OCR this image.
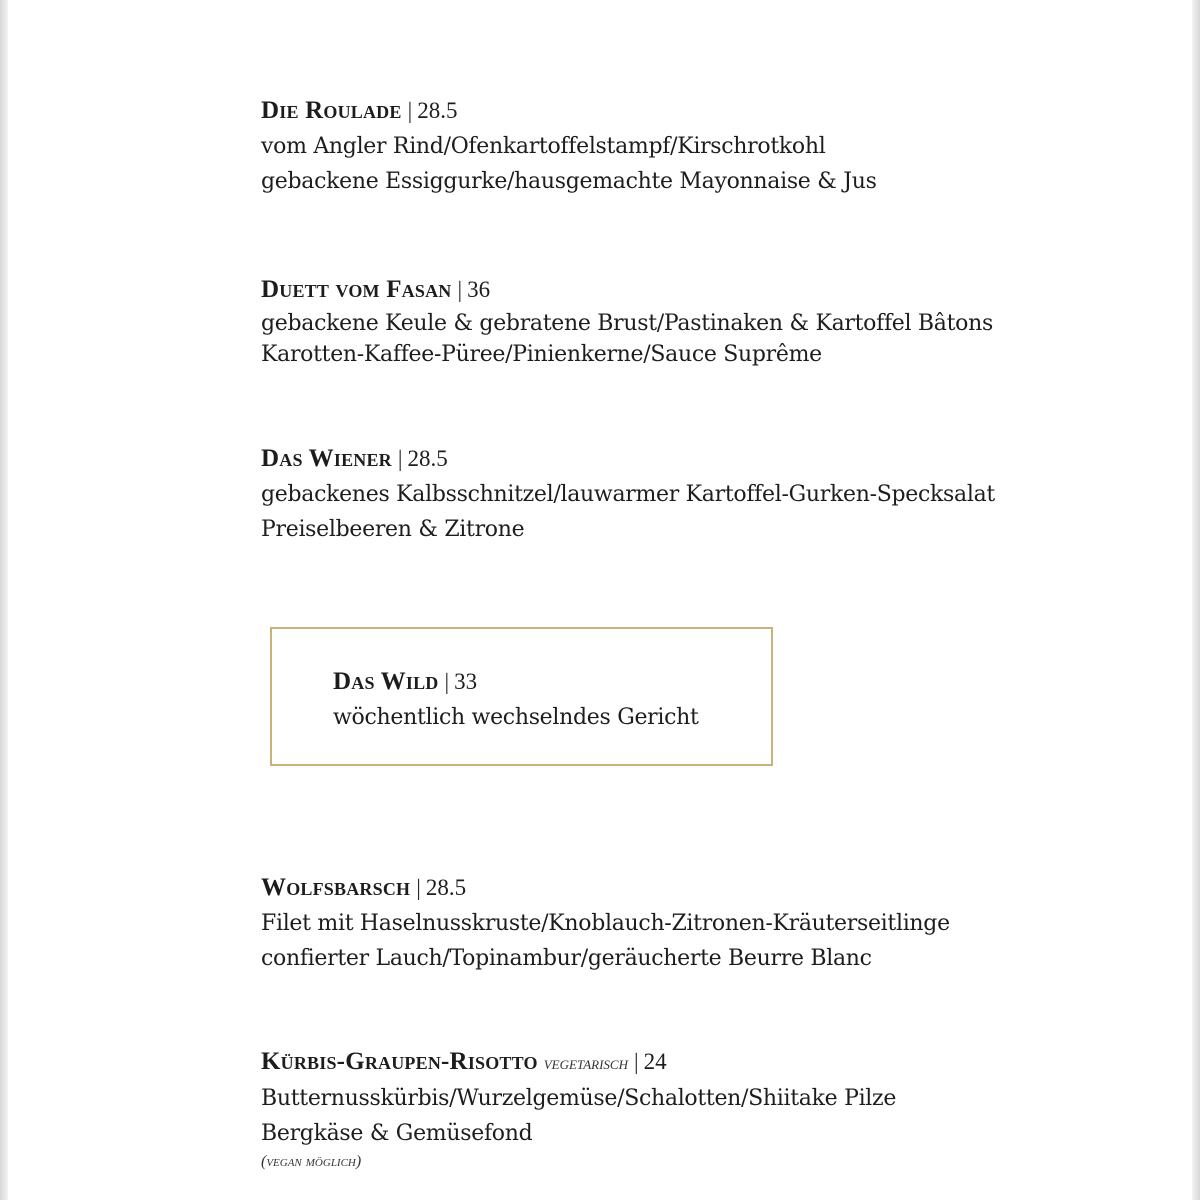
Die Roulade | 28.5
vom Angler Rind/Ofenkartoffelstampf/Kirschrotkohl
gebackene Essiggurke/hausgemachte Mayonnaise & Jus
Duett vom Fasan | 36
gebackene Keule & gebratene Brust/Pastinaken & Kartoffel Bâtons
Karotten-Kaffee-Püree/Pinienkerne/Sauce Suprême
Das Wiener | 28.5
gebackenes Kalbsschnitzel/lauwarmer Kartoffel-Gurken-Specksalat
Preiselbeeren & Zitrone
Das Wild | 33
wöchentlich wechselndes Gericht
Wolfsbarsch | 28.5
Filet mit Haselnusskruste/Knoblauch-Zitronen-Kräuterseitlinge
confierter Lauch/Topinambur/geräucherte Beurre Blanc
Kürbis-Graupen-Risotto vegetarisch | 24
Butternusskürbis/Wurzelgemüse/Schalotten/Shiitake Pilze
Bergkäse & Gemüsefond
(vegan möglich)
